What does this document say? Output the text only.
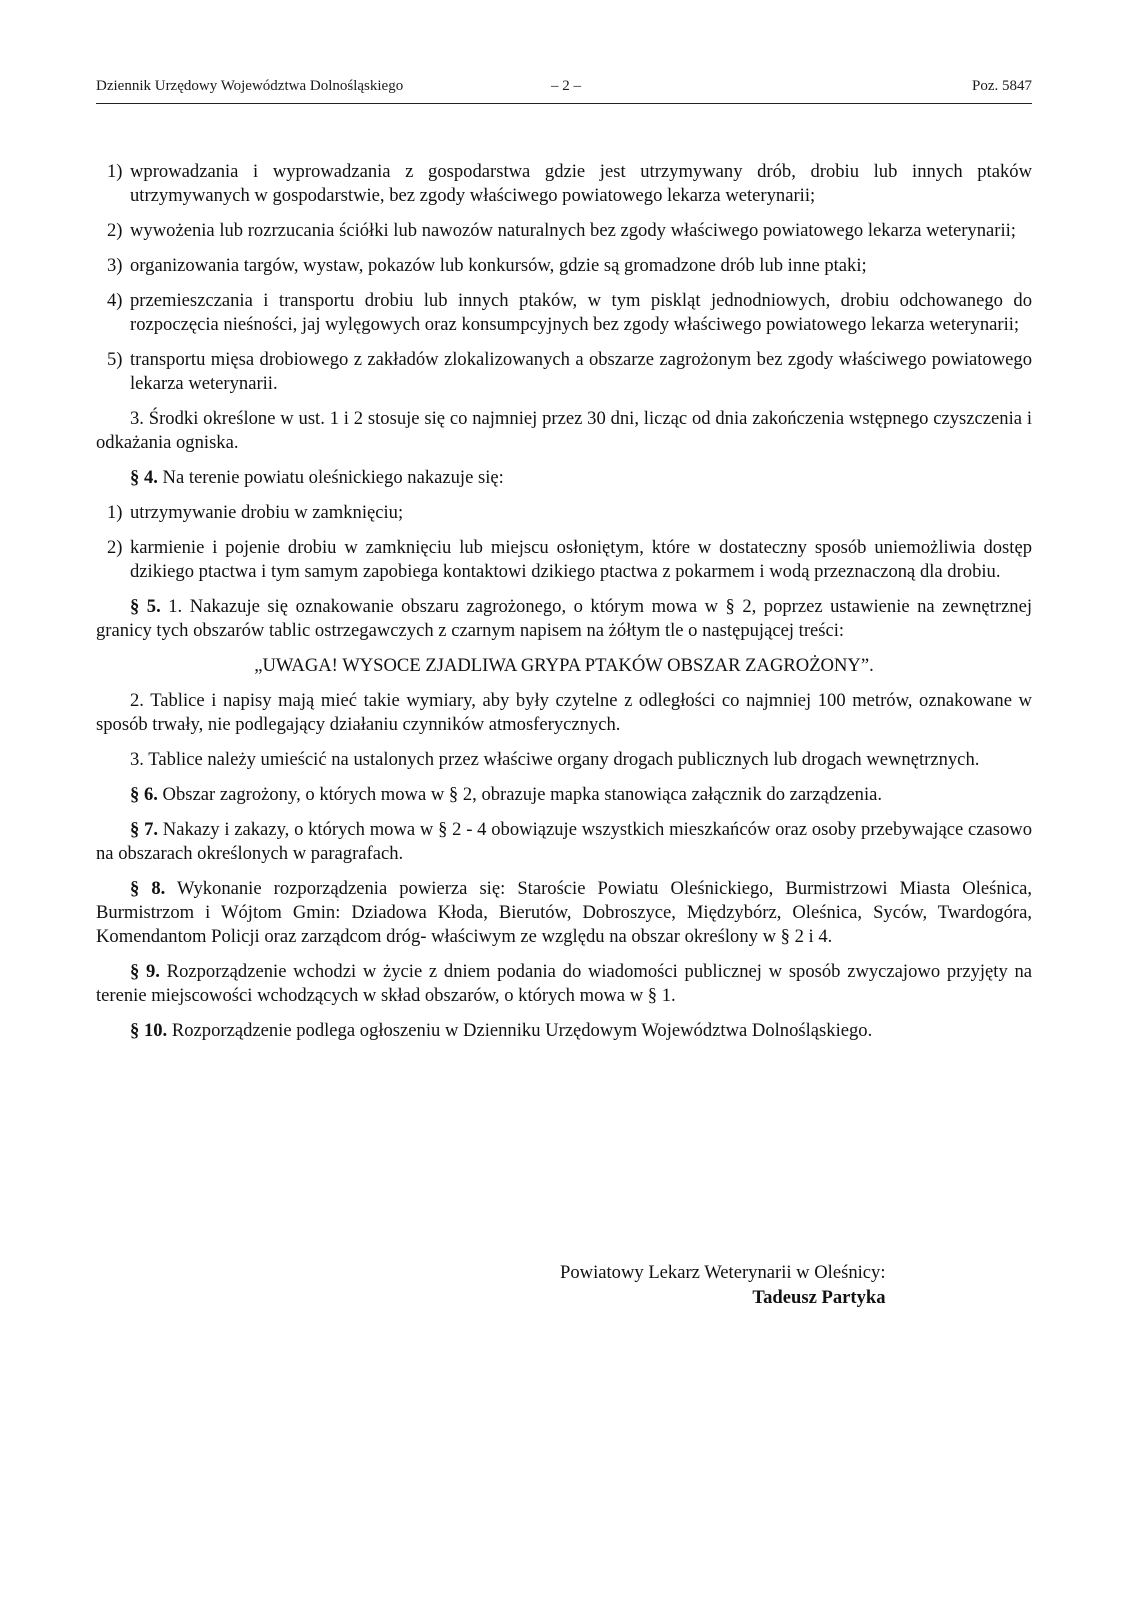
Dziennik Urzędowy Województwa Dolnośląskiego	– 2 –	Poz. 5847
1) wprowadzania i wyprowadzania z gospodarstwa gdzie jest utrzymywany drób, drobiu lub innych ptaków utrzymywanych w gospodarstwie, bez zgody właściwego powiatowego lekarza weterynarii;
2) wywożenia lub rozrzucania ściółki lub nawozów naturalnych bez zgody właściwego powiatowego lekarza weterynarii;
3) organizowania targów, wystaw, pokazów lub konkursów, gdzie są gromadzone drób lub inne ptaki;
4) przemieszczania i transportu drobiu lub innych ptaków, w tym piskląt jednodniowych, drobiu odchowanego do rozpoczęcia nieśności, jaj wylęgowych oraz konsumpcyjnych bez zgody właściwego powiatowego lekarza weterynarii;
5) transportu mięsa drobiowego z zakładów zlokalizowanych a obszarze zagrożonym bez zgody właściwego powiatowego lekarza weterynarii.
3. Środki określone w ust. 1 i 2 stosuje się co najmniej przez 30 dni, licząc od dnia zakończenia wstępnego czyszczenia i odkażania ogniska.
§ 4. Na terenie powiatu oleśnickiego nakazuje się:
1) utrzymywanie drobiu w zamknięciu;
2) karmienie i pojenie drobiu w zamknięciu lub miejscu osłoniętym, które w dostateczny sposób uniemożliwia dostęp dzikiego ptactwa i tym samym zapobiega kontaktowi dzikiego ptactwa z pokarmem i wodą przeznaczoną dla drobiu.
§ 5. 1. Nakazuje się oznakowanie obszaru zagrożonego, o którym mowa w § 2, poprzez ustawienie na zewnętrznej granicy tych obszarów tablic ostrzegawczych z czarnym napisem na żółtym tle o następującej treści:
„UWAGA! WYSOCE ZJADLIWA GRYPA PTAKÓW OBSZAR ZAGROŻONY”.
2. Tablice i napisy mają mieć takie wymiary, aby były czytelne z odległości co najmniej 100 metrów, oznakowane w sposób trwały, nie podlegający działaniu czynników atmosferycznych.
3. Tablice należy umieścić na ustalonych przez właściwe organy drogach publicznych lub drogach wewnętrznych.
§ 6. Obszar zagrożony, o których mowa w § 2, obrazuje mapka stanowiąca załącznik do zarządzenia.
§ 7. Nakazy i zakazy, o których mowa w § 2 - 4 obowiązuje wszystkich mieszkańców oraz osoby przebywające czasowo na obszarach określonych w paragrafach.
§ 8. Wykonanie rozporządzenia powierza się: Staroście Powiatu Oleśnickiego, Burmistrzowi Miasta Oleśnica, Burmistrzom i Wójtom Gmin: Dziadowa Kłoda, Bierutów, Dobroszyce, Międzybórz, Oleśnica, Syców, Twardogóra, Komendantom Policji oraz zarządcom dróg- właściwym ze względu na obszar określony w § 2 i 4.
§ 9. Rozporządzenie wchodzi w życie z dniem podania do wiadomości publicznej w sposób zwyczajowo przyjęty na terenie miejscowości wchodzących w skład obszarów, o których mowa w § 1.
§ 10. Rozporządzenie podlega ogłoszeniu w Dzienniku Urzędowym Województwa Dolnośląskiego.
Powiatowy Lekarz Weterynarii w Oleśnicy:
Tadeusz Partyka
